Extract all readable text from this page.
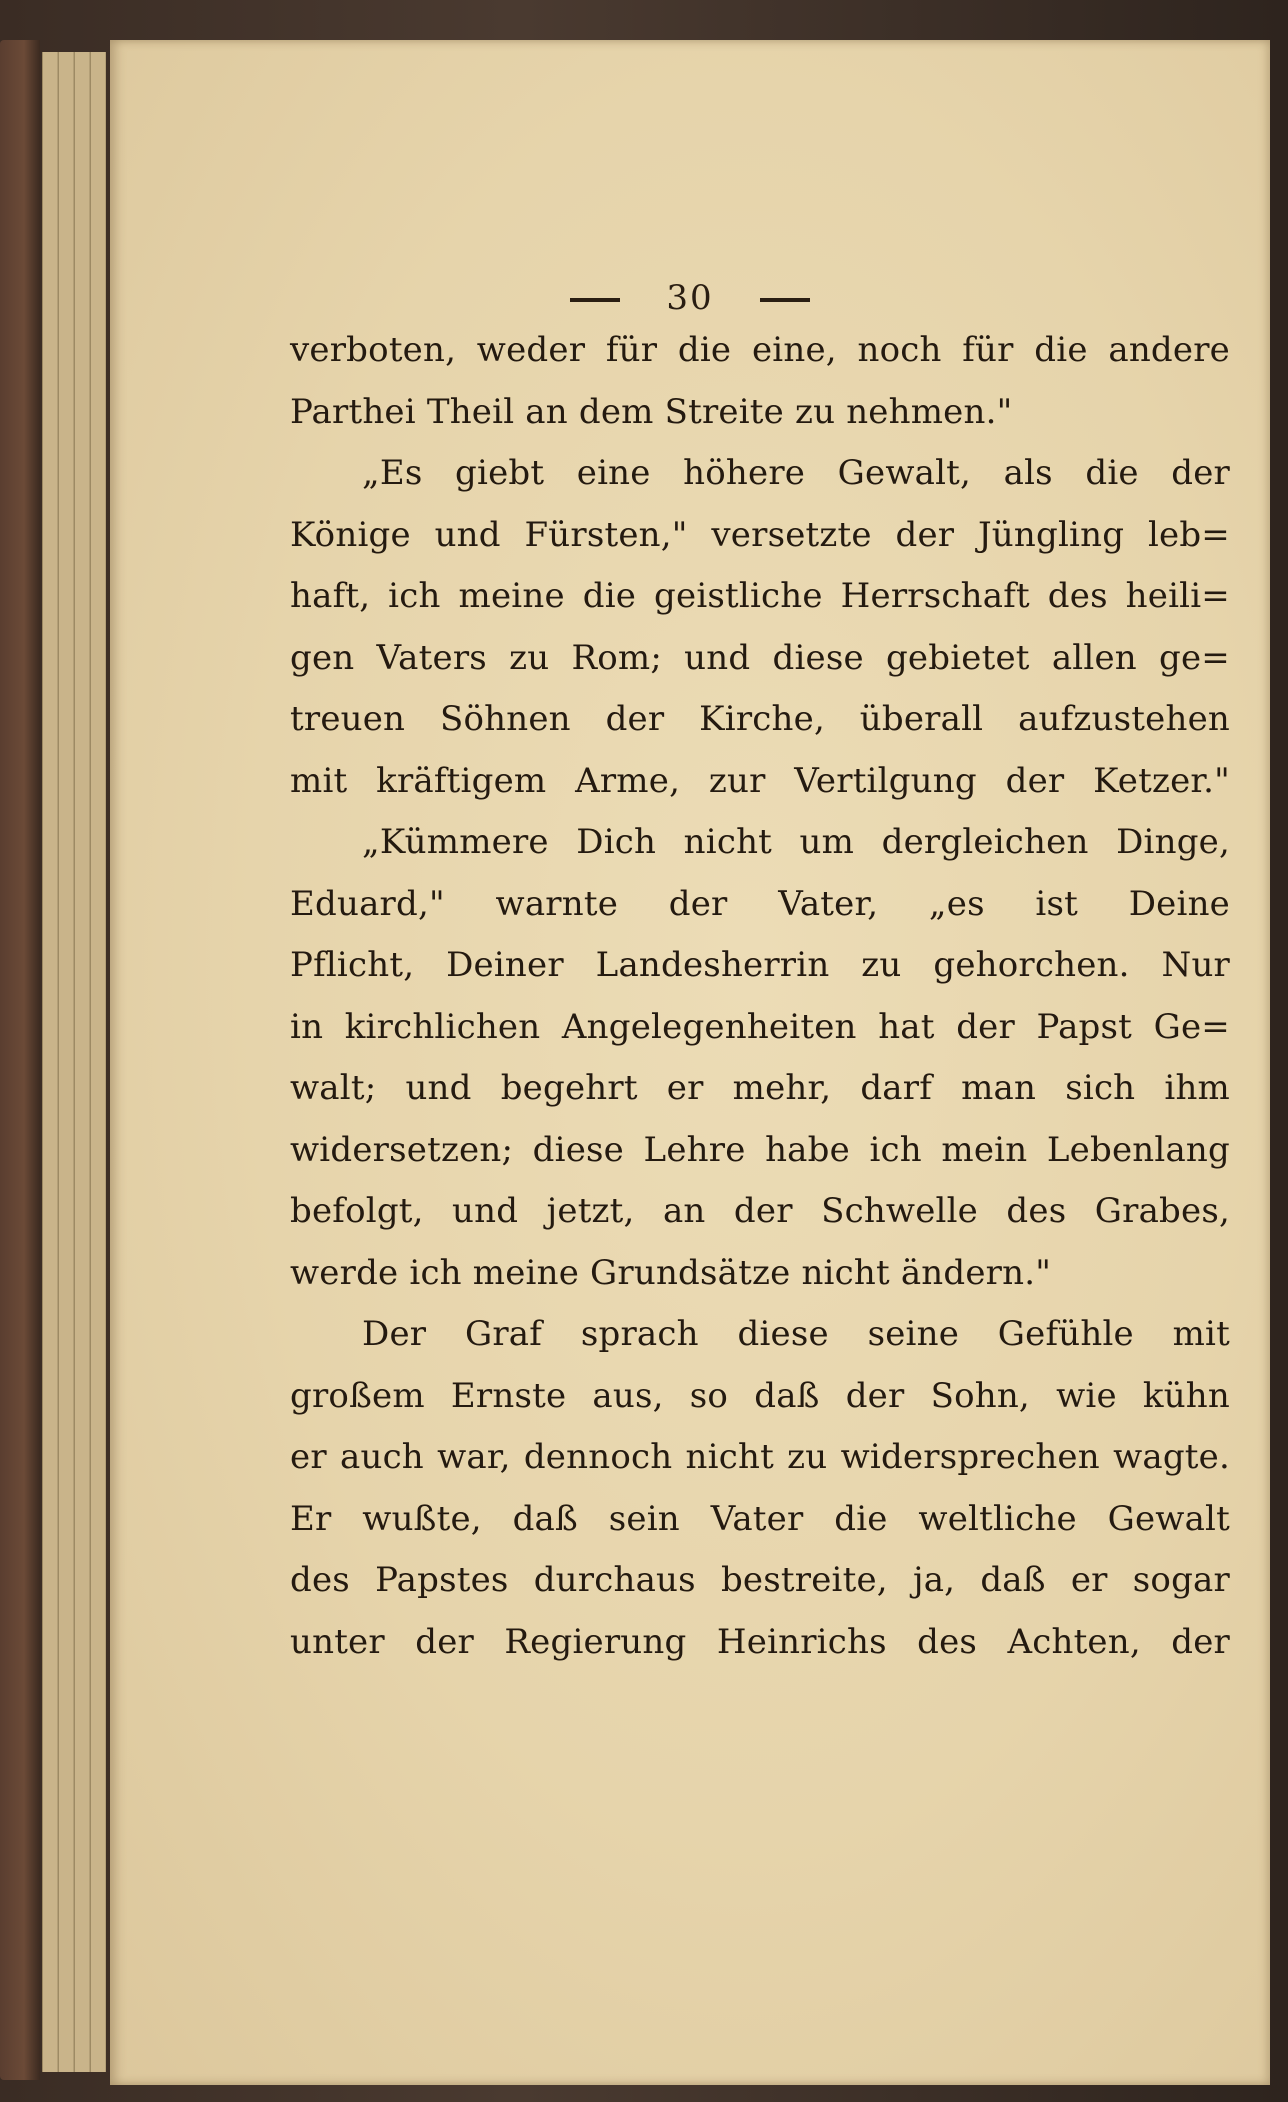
30
verboten, weder für die eine, noch für die andere
Parthei Theil an dem Streite zu nehmen."
„Es giebt eine höhere Gewalt, als die der
Könige und Fürsten," versetzte der Jüngling leb=
haft, ich meine die geistliche Herrschaft des heili=
gen Vaters zu Rom; und diese gebietet allen ge=
treuen Söhnen der Kirche, überall aufzustehen
mit kräftigem Arme, zur Vertilgung der Ketzer."
„Kümmere Dich nicht um dergleichen Dinge,
Eduard," warnte der Vater, „es ist Deine
Pflicht, Deiner Landesherrin zu gehorchen. Nur
in kirchlichen Angelegenheiten hat der Papst Ge=
walt; und begehrt er mehr, darf man sich ihm
widersetzen; diese Lehre habe ich mein Lebenlang
befolgt, und jetzt, an der Schwelle des Grabes,
werde ich meine Grundsätze nicht ändern."
Der Graf sprach diese seine Gefühle mit
großem Ernste aus, so daß der Sohn, wie kühn
er auch war, dennoch nicht zu widersprechen wagte.
Er wußte, daß sein Vater die weltliche Gewalt
des Papstes durchaus bestreite, ja, daß er sogar
unter der Regierung Heinrichs des Achten, der
